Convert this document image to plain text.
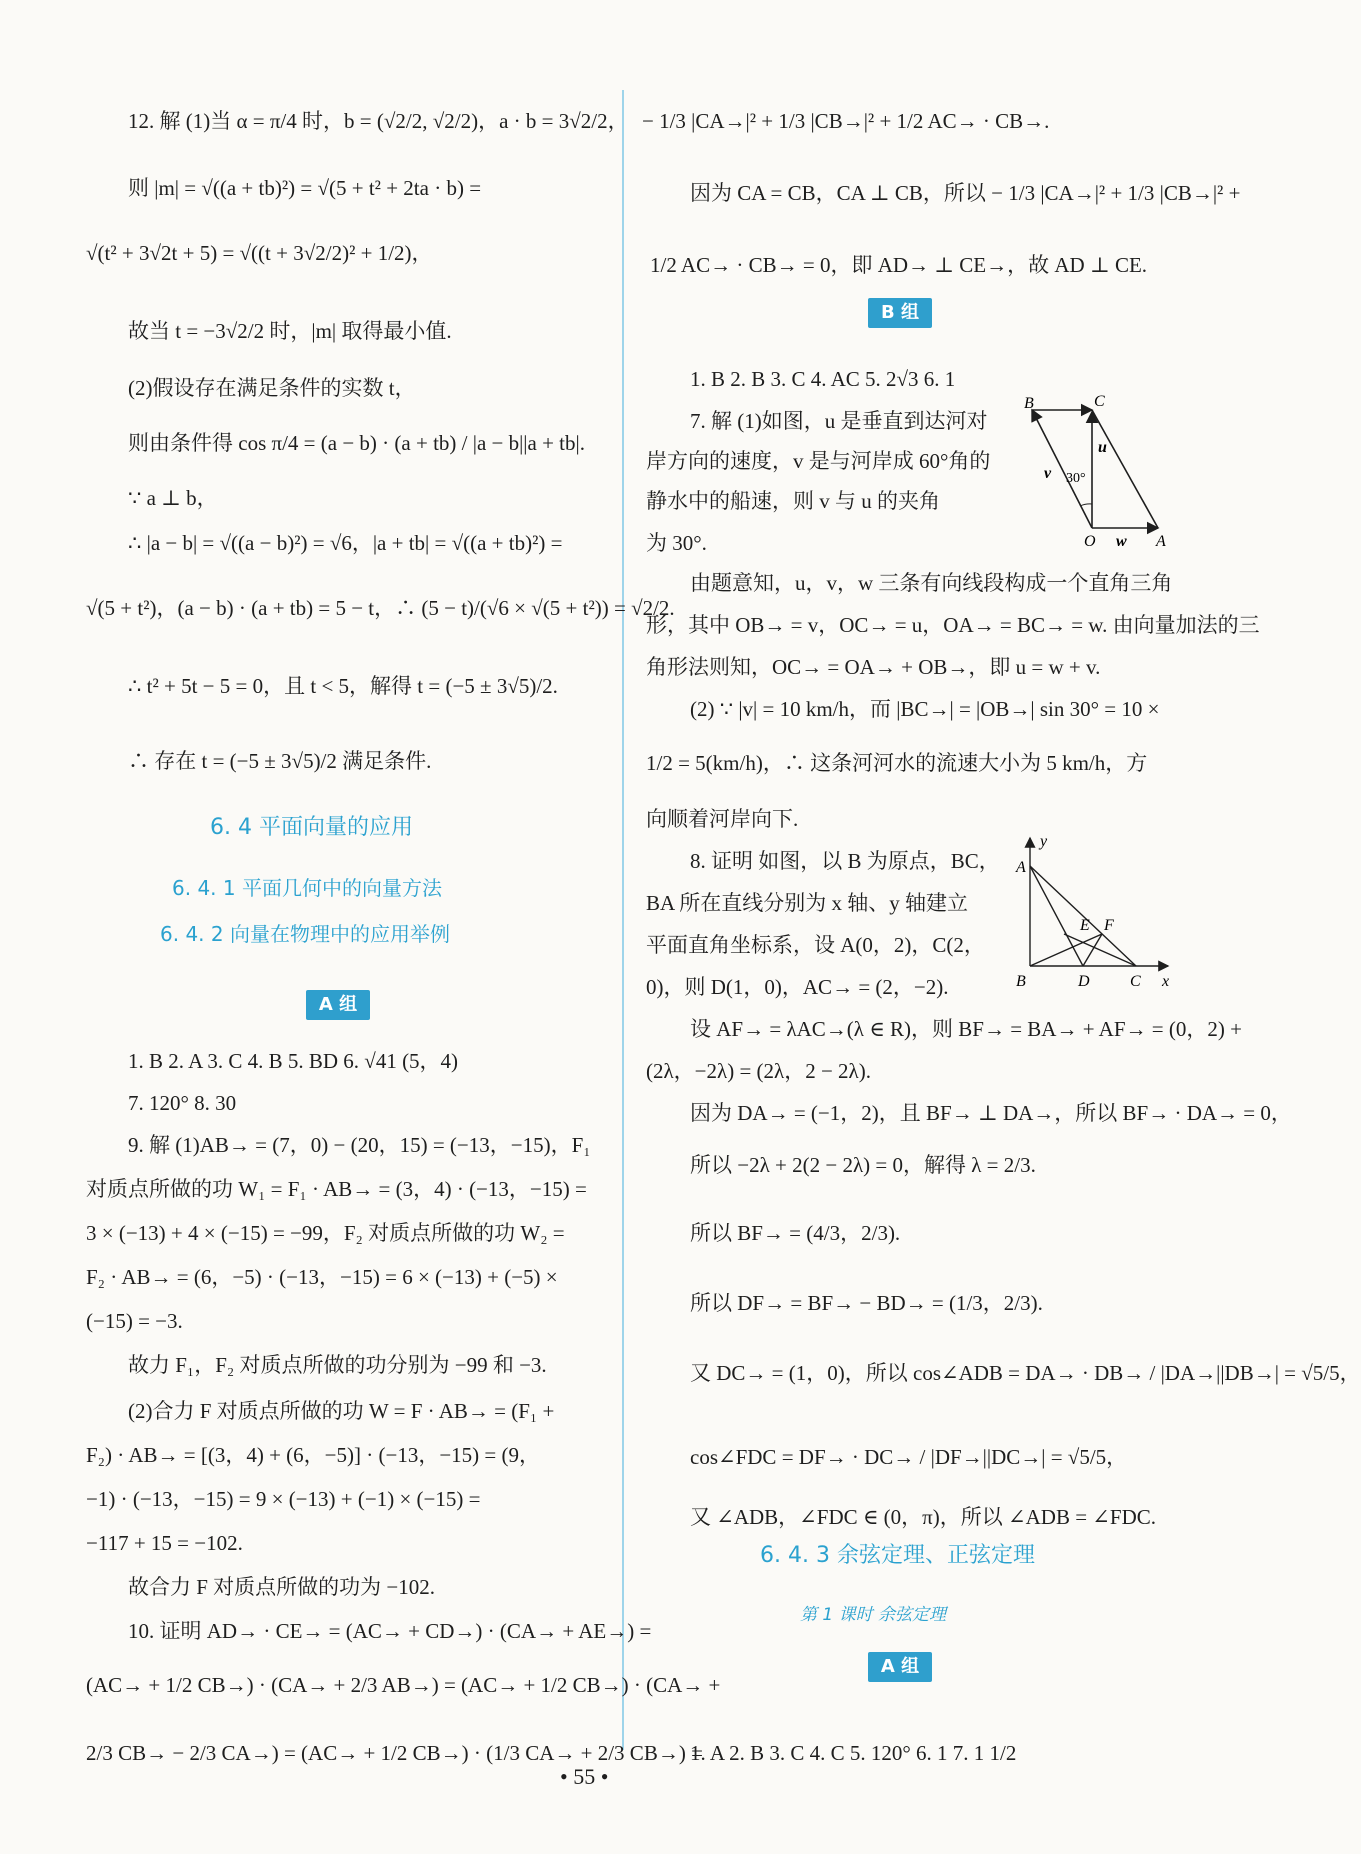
12. 解 (1)当 α = π/4 时，b = (√2/2, √2/2)，a · b = 3√2/2，
则 |m| = √((a + tb)²) = √(5 + t² + 2ta · b) =
√(t² + 3√2t + 5) = √((t + 3√2/2)² + 1/2)，
故当 t = −3√2/2 时，|m| 取得最小值.
(2)假设存在满足条件的实数 t，
则由条件得 cos π/4 = (a − b) · (a + tb) / |a − b||a + tb|.
∵ a ⊥ b，
∴ |a − b| = √((a − b)²) = √6，|a + tb| = √((a + tb)²) =
√(5 + t²)，(a − b) · (a + tb) = 5 − t，∴ (5 − t)/(√6 × √(5 + t²)) = √2/2.
∴ t² + 5t − 5 = 0，且 t < 5，解得 t = (−5 ± 3√5)/2.
∴ 存在 t = (−5 ± 3√5)/2 满足条件.
1. B 2. A 3. C 4. B 5. BD 6. √41 (5，4)
7. 120° 8. 30
9. 解 (1)AB→ = (7，0) − (20，15) = (−13，−15)，F₁
对质点所做的功 W₁ = F₁ · AB→ = (3，4) · (−13，−15) =
3 × (−13) + 4 × (−15) = −99，F₂ 对质点所做的功 W₂ =
F₂ · AB→ = (6，−5) · (−13，−15) = 6 × (−13) + (−5) ×
(−15) = −3.
故力 F₁，F₂ 对质点所做的功分别为 −99 和 −3.
(2)合力 F 对质点所做的功 W = F · AB→ = (F₁ +
F₂) · AB→ = [(3，4) + (6，−5)] · (−13，−15) = (9，
−1) · (−13，−15) = 9 × (−13) + (−1) × (−15) =
−117 + 15 = −102.
故合力 F 对质点所做的功为 −102.
10. 证明 AD→ · CE→ = (AC→ + CD→) · (CA→ + AE→) =
(AC→ + 1/2 CB→) · (CA→ + 2/3 AB→) = (AC→ + 1/2 CB→) · (CA→ +
2/3 CB→ − 2/3 CA→) = (AC→ + 1/2 CB→) · (1/3 CA→ + 2/3 CB→) =
− 1/3 |CA→|² + 1/3 |CB→|² + 1/2 AC→ · CB→.
因为 CA = CB，CA ⊥ CB，所以 − 1/3 |CA→|² + 1/3 |CB→|² +
1/2 AC→ · CB→ = 0，即 AD→ ⊥ CE→，故 AD ⊥ CE.
1. B 2. B 3. C 4. AC 5. 2√3 6. 1
7. 解 (1)如图，u 是垂直到达河对
岸方向的速度，v 是与河岸成 60°角的
静水中的船速，则 v 与 u 的夹角
为 30°.
由题意知，u，v，w 三条有向线段构成一个直角三角
形，其中 OB→ = v，OC→ = u，OA→ = BC→ = w. 由向量加法的三
角形法则知，OC→ = OA→ + OB→，即 u = w + v.
(2) ∵ |v| = 10 km/h，而 |BC→| = |OB→| sin 30° = 10 ×
1/2 = 5(km/h)，∴ 这条河河水的流速大小为 5 km/h，方
向顺着河岸向下.
8. 证明 如图，以 B 为原点，BC，
BA 所在直线分别为 x 轴、y 轴建立
平面直角坐标系，设 A(0，2)，C(2，
0)，则 D(1，0)，AC→ = (2，−2).
设 AF→ = λAC→(λ ∈ R)，则 BF→ = BA→ + AF→ = (0，2) +
(2λ，−2λ) = (2λ，2 − 2λ).
因为 DA→ = (−1，2)，且 BF→ ⊥ DA→，所以 BF→ · DA→ = 0，
所以 −2λ + 2(2 − 2λ) = 0，解得 λ = 2/3.
所以 BF→ = (4/3，2/3).
所以 DF→ = BF→ − BD→ = (1/3，2/3).
又 DC→ = (1，0)，所以 cos∠ADB = DA→ · DB→ / |DA→||DB→| = √5/5，
cos∠FDC = DF→ · DC→ / |DF→||DC→| = √5/5，
又 ∠ADB，∠FDC ∈ (0，π)，所以 ∠ADB = ∠FDC.
1. A 2. B 3. C 4. C 5. 120° 6. 1 7. 1 1/2
6. 4 平面向量的应用
6. 4. 1 平面几何中的向量方法
6. 4. 2 向量在物理中的应用举例
A 组
B 组
6. 4. 3 余弦定理、正弦定理
第 1 课时 余弦定理
A 组
B	C
O	A
u
v
w
30°
y
A
E F
B	D	C x
• 55 •
